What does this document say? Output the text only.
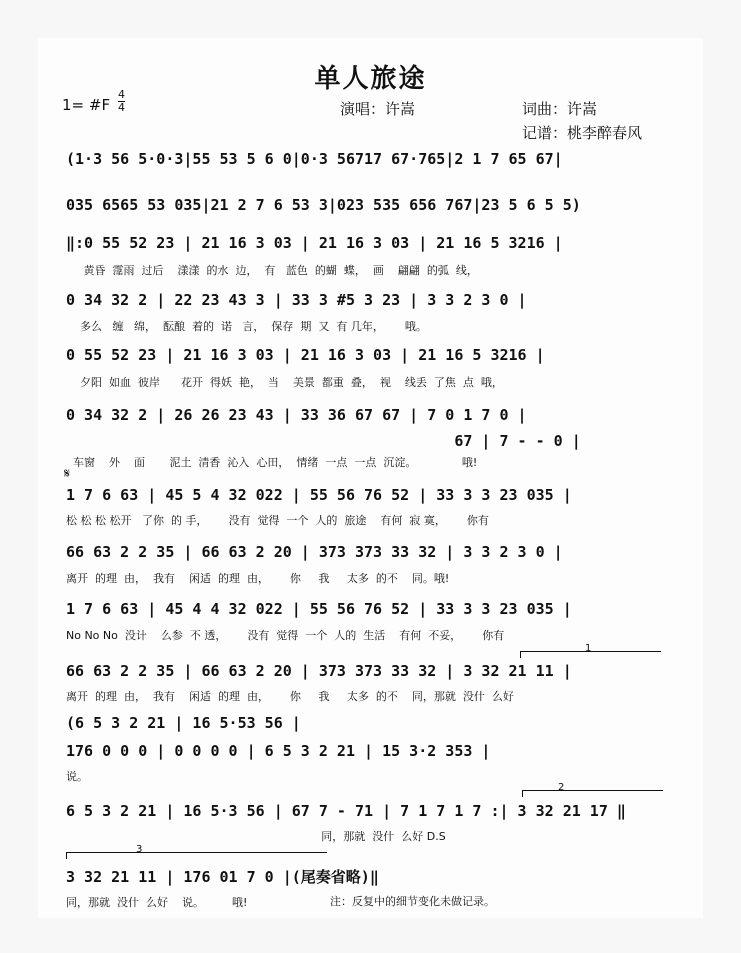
单人旅途
1= #F
4
4	演唱：许嵩	词曲：许嵩
记谱：桃李醉春风
(1·3 56 5·0·3|55 53 5 6 0|0·3 56717 67·765|2 1 7 65 67|
035 6565 53 035|21 2 7 6 53 3|023 535 656 767|23 5 6 5 5)
‖:0 55 52 23 | 21 16 3 03 | 21 16 3 03 | 21 16 5 3216 |
黄昏  霪雨  过后    漾漾  的水  边，  有   蓝色  的蝴  蝶，  画    翩翩  的弧  线，
0 34 32 2 | 22 23 43 3 | 33 3 #5 3 23 | 3 3 2 3 0 |
多么   缠   绵，  酝酿  着的  诺   言，  保存  期  又  有 几年，      哦。
0 55 52 23 | 21 16 3 03 | 21 16 3 03 | 21 16 5 3216 |
夕阳  如血  彼岸      花开  得妖  艳，  当    美景  都重  叠，  视    线丢  了焦  点  哦，
0 34 32 2 | 26 26 23 43 | 33 36 67 67 | 7 0 1 7 0 |
67 | 7 - - 0 |
车窗    外    面       泥土  清香  沁入  心田，  情绪  一点  一点  沉淀。             哦!
𝄋
1 7 6 63 | 45 5 4 32 022 | 55 56 76 52 | 33 3 3 23 035 |
松 松 松 松开   了你  的 手，      没有  觉得  一个  人的  旅途    有何  寂 寞，      你有
66 63 2 2 35 | 66 63 2 20 | 373 373 33 32 | 3 3 2 3 0 |
离开  的理  由，  我有    闲适  的理  由，      你     我     太多  的不    同。哦!
1 7 6 63 | 45 4 4 32 022 | 55 56 76 52 | 33 3 3 23 035 |
No No No  没计    么参  不 透，      没有  觉得  一个  人的  生活    有何  不妥，      你有
1
66 63 2 2 35 | 66 63 2 20 | 373 373 33 32 | 3 32 21 11 |
离开  的理  由，  我有    闲适  的理  由，      你     我     太多  的不    同，那就  没什  么好
(6 5 3 2 21 | 16 5·53 56 |
176 0 0 0 | 0 0 0 0 | 6 5 3 2 21 | 15 3·2 353 |
说。
2
6 5 3 2 21 | 16 5·3 56 | 67 7 - 71 | 7 1 7 1 7 :| 3 32 21 17 ‖
同，那就  没什  么好 D.S
3
3 32 21 11 | 176 01 7 0 |(尾奏省略)‖
同，那就  没什  么好    说。        哦!	注：反复中的细节变化未做记录。
